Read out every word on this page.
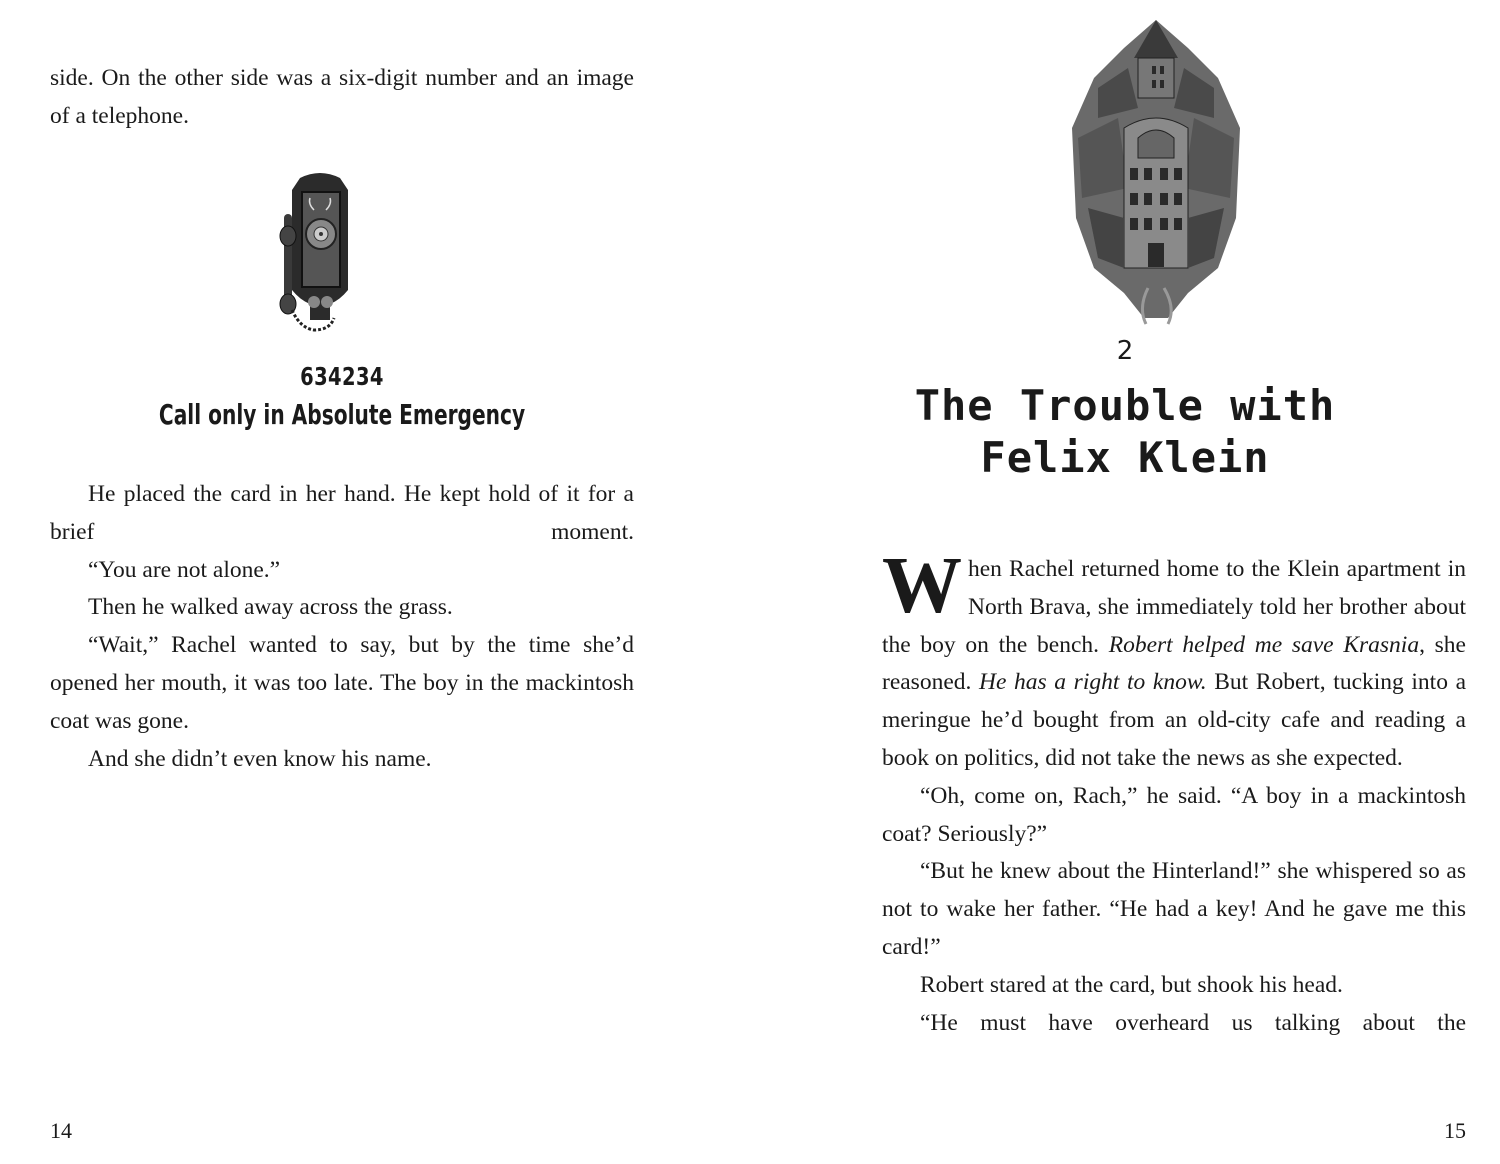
side. On the other side was a six-digit number and an image of a telephone.

634234
Call only in Absolute Emergency

He placed the card in her hand. He kept hold of it for a brief moment.

“You are not alone.”

Then he walked away across the grass.

“Wait,” Rachel wanted to say, but by the time she’d opened her mouth, it was too late. The boy in the mackintosh coat was gone.

And she didn’t even know his name.

14
2
The Trouble with
Felix Klein

When Rachel returned home to the Klein apartment in North Brava, she immediately told her brother about the boy on the bench. Robert helped me save Krasnia, she reasoned. He has a right to know. But Robert, tucking into a meringue he’d bought from an old-city cafe and reading a book on politics, did not take the news as she expected.

“Oh, come on, Rach,” he said. “A boy in a mackintosh coat? Seriously?”

“But he knew about the Hinterland!” she whispered so as not to wake her father. “He had a key! And he gave me this card!”

Robert stared at the card, but shook his head.

“He must have overheard us talking about the

15
